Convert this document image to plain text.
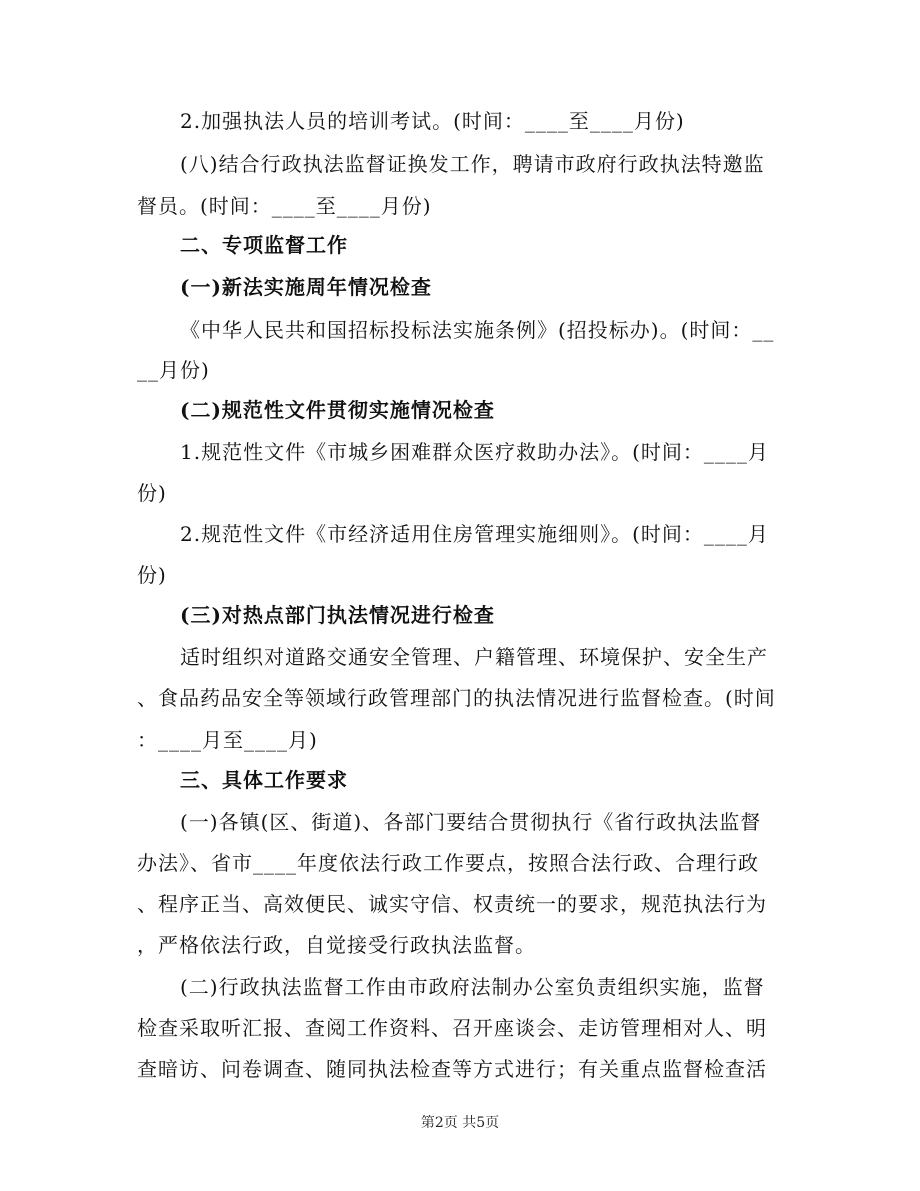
2.加强执法人员的培训考试。(时间：____至____月份)
(八)结合行政执法监督证换发工作，聘请市政府行政执法特邀监
督员。(时间：____至____月份)
二、专项监督工作
(一)新法实施周年情况检查
《中华人民共和国招标投标法实施条例》(招投标办)。(时间：__
__月份)
(二)规范性文件贯彻实施情况检查
1.规范性文件《市城乡困难群众医疗救助办法》。(时间：____月
份)
2.规范性文件《市经济适用住房管理实施细则》。(时间：____月
份)
(三)对热点部门执法情况进行检查
适时组织对道路交通安全管理、户籍管理、环境保护、安全生产
、食品药品安全等领域行政管理部门的执法情况进行监督检查。(时间
：____月至____月)
三、具体工作要求
(一)各镇(区、街道)、各部门要结合贯彻执行《省行政执法监督
办法》、省市____年度依法行政工作要点，按照合法行政、合理行政
、程序正当、高效便民、诚实守信、权责统一的要求，规范执法行为
，严格依法行政，自觉接受行政执法监督。
(二)行政执法监督工作由市政府法制办公室负责组织实施，监督
检查采取听汇报、查阅工作资料、召开座谈会、走访管理相对人、明
查暗访、问卷调查、随同执法检查等方式进行；有关重点监督检查活
第2页 共5页
